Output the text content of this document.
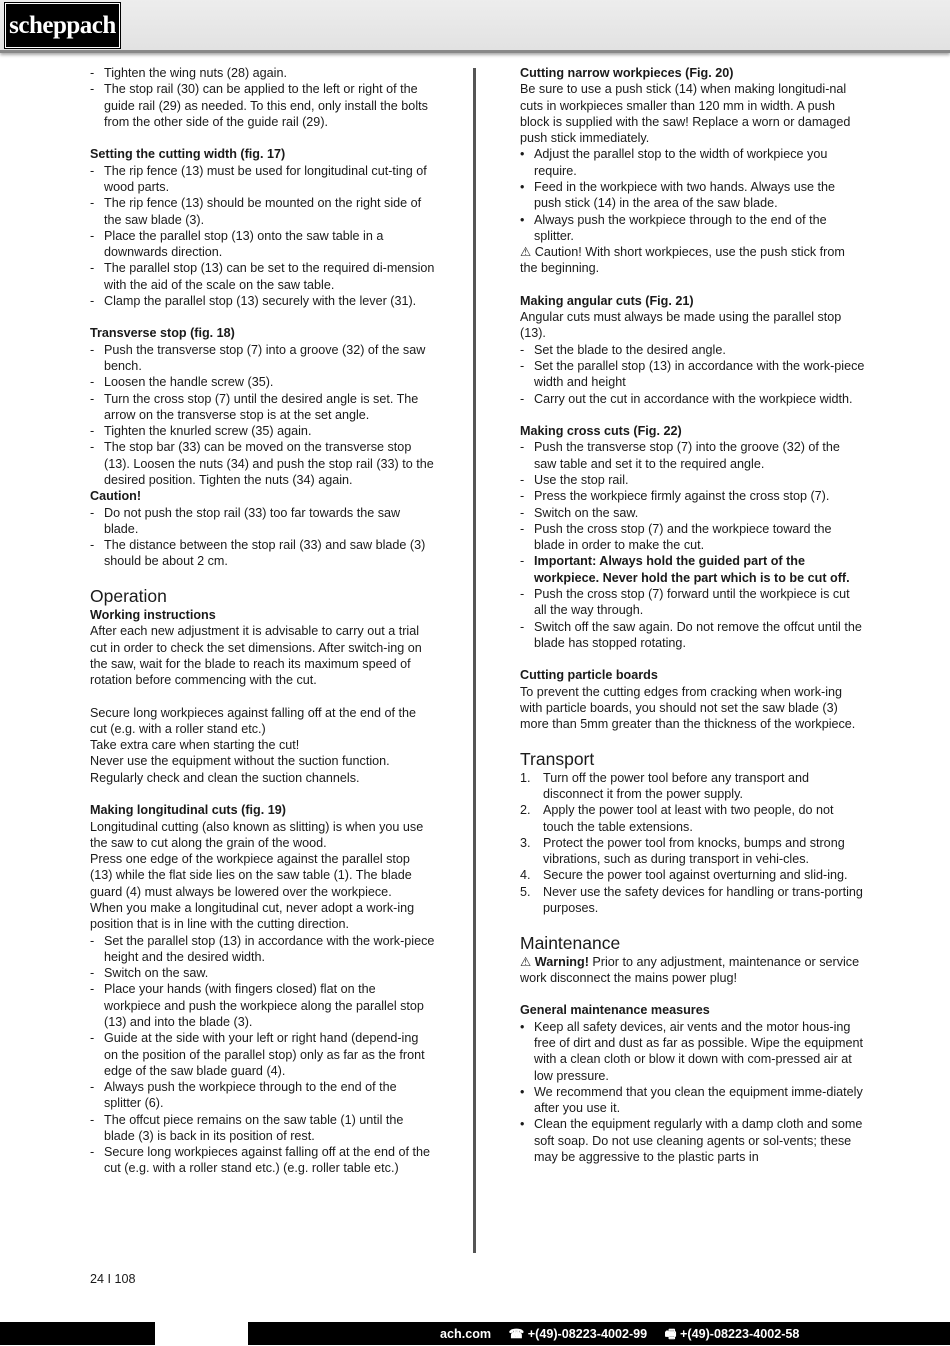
scheppach
- Tighten the wing nuts (28) again.
- The stop rail (30) can be applied to the left or right of the guide rail (29) as needed. To this end, only install the bolts from the other side of the guide rail (29).
Setting the cutting width (fig. 17)
- The rip fence (13) must be used for longitudinal cut-ting of wood parts.
- The rip fence (13) should be mounted on the right side of the saw blade (3).
- Place the parallel stop (13) onto the saw table in a downwards direction.
- The parallel stop (13) can be set to the required di-mension with the aid of the scale on the saw table.
- Clamp the parallel stop (13) securely with the lever (31).
Transverse stop (fig. 18)
- Push the transverse stop (7) into a groove (32) of the saw bench.
- Loosen the handle screw (35).
- Turn the cross stop (7) until the desired angle is set. The arrow on the transverse stop is at the set angle.
- Tighten the knurled screw (35) again.
- The stop bar (33) can be moved on the transverse stop (13). Loosen the nuts (34) and push the stop rail (33) to the desired position. Tighten the nuts (34) again.
Caution!
- Do not push the stop rail (33) too far towards the saw blade.
- The distance between the stop rail (33) and saw blade (3) should be about 2 cm.
Operation
Working instructions
After each new adjustment it is advisable to carry out a trial cut in order to check the set dimensions. After switch-ing on the saw, wait for the blade to reach its maximum speed of rotation before commencing with the cut.
Secure long workpieces against falling off at the end of the cut (e.g. with a roller stand etc.)
Take extra care when starting the cut!
Never use the equipment without the suction function.
Regularly check and clean the suction channels.
Making longitudinal cuts (fig. 19)
Longitudinal cutting (also known as slitting) is when you use the saw to cut along the grain of the wood.
Press one edge of the workpiece against the parallel stop (13) while the flat side lies on the saw table (1). The blade guard (4) must always be lowered over the workpiece.
When you make a longitudinal cut, never adopt a work-ing position that is in line with the cutting direction.
- Set the parallel stop (13) in accordance with the work-piece height and the desired width.
- Switch on the saw.
- Place your hands (with fingers closed) flat on the workpiece and push the workpiece along the parallel stop (13) and into the blade (3).
- Guide at the side with your left or right hand (depend-ing on the position of the parallel stop) only as far as the front edge of the saw blade guard (4).
- Always push the workpiece through to the end of the splitter (6).
- The offcut piece remains on the saw table (1) until the blade (3) is back in its position of rest.
- Secure long workpieces against falling off at the end of the cut (e.g. with a roller stand etc.) (e.g. roller table etc.)
Cutting narrow workpieces (Fig. 20)
Be sure to use a push stick (14) when making longitudi-nal cuts in workpieces smaller than 120 mm in width. A push block is supplied with the saw! Replace a worn or damaged push stick immediately.
• Adjust the parallel stop to the width of workpiece you require.
• Feed in the workpiece with two hands. Always use the push stick (14) in the area of the saw blade.
• Always push the workpiece through to the end of the splitter.
⚠ Caution! With short workpieces, use the push stick from the beginning.
Making angular cuts (Fig. 21)
Angular cuts must always be made using the parallel stop (13).
- Set the blade to the desired angle.
- Set the parallel stop (13) in accordance with the work-piece width and height
- Carry out the cut in accordance with the workpiece width.
Making cross cuts (Fig. 22)
- Push the transverse stop (7) into the groove (32) of the saw table and set it to the required angle.
- Use the stop rail.
- Press the workpiece firmly against the cross stop (7).
- Switch on the saw.
- Push the cross stop (7) and the workpiece toward the blade in order to make the cut.
- Important: Always hold the guided part of the workpiece. Never hold the part which is to be cut off.
- Push the cross stop (7) forward until the workpiece is cut all the way through.
- Switch off the saw again. Do not remove the offcut until the blade has stopped rotating.
Cutting particle boards
To prevent the cutting edges from cracking when work-ing with particle boards, you should not set the saw blade (3) more than 5mm greater than the thickness of the workpiece.
Transport
1. Turn off the power tool before any transport and disconnect it from the power supply.
2. Apply the power tool at least with two people, do not touch the table extensions.
3. Protect the power tool from knocks, bumps and strong vibrations, such as during transport in vehi-cles.
4. Secure the power tool against overturning and slid-ing.
5. Never use the safety devices for handling or trans-porting purposes.
Maintenance
⚠ Warning! Prior to any adjustment, maintenance or service work disconnect the mains power plug!
General maintenance measures
• Keep all safety devices, air vents and the motor hous-ing free of dirt and dust as far as possible. Wipe the equipment with a clean cloth or blow it down with com-pressed air at low pressure.
• We recommend that you clean the equipment imme-diately after you use it.
• Clean the equipment regularly with a damp cloth and some soft soap. Do not use cleaning agents or sol-vents; these may be aggressive to the plastic parts in
24 I 108
ach.com ☎ +(49)-08223-4002-99 🖷 +(49)-08223-4002-58
